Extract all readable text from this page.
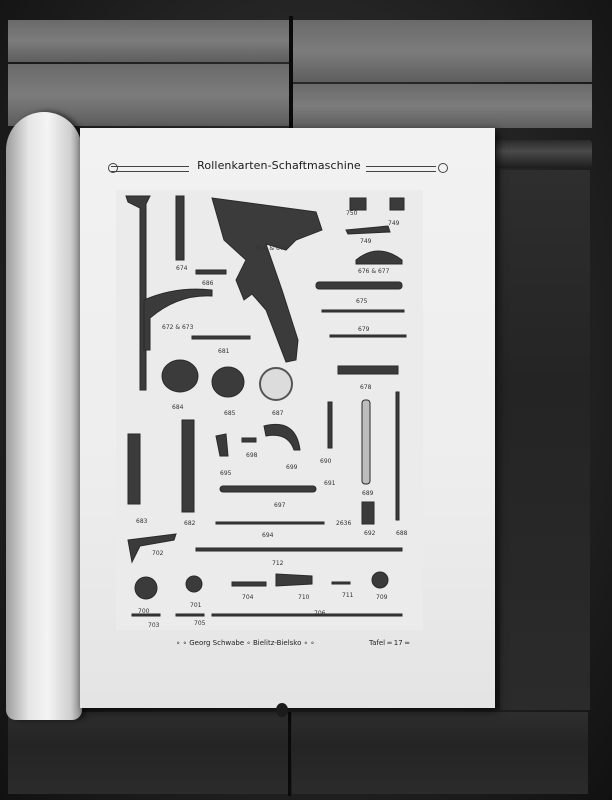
Rollenkarten-Schaftmaschine
674
686
670 & 671
750
749
749
672 & 673
676 & 677
675
679
681
684
685	687
678
690
691
689
698
695
699
683	682
697
2636
692	688
694
702
712
700
701
704	710	711	709
703	705
706
∘ ∘ Georg Schwabe ∘ Bielitz-Bielsko ∘ ∘	Tafel ═ 17 ═
